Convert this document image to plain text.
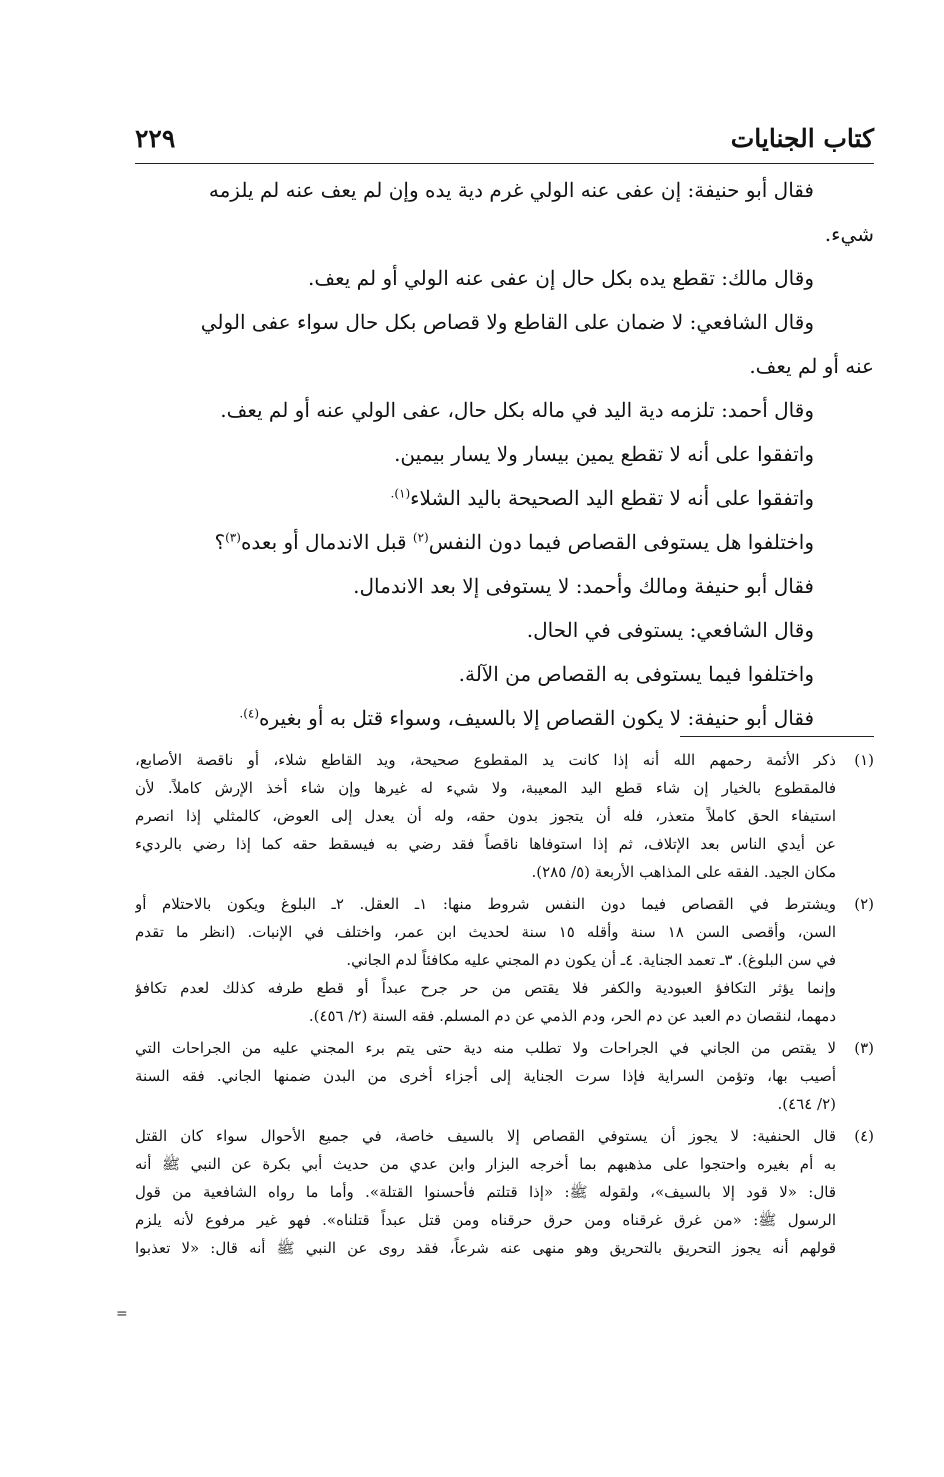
كتاب الجنايات
٢٢٩

فقال أبو حنيفة: إن عفى عنه الولي غرم دية يده وإن لم يعف عنه لم يلزمه

شيء.

وقال مالك: تقطع يده بكل حال إن عفى عنه الولي أو لم يعف.

وقال الشافعي: لا ضمان على القاطع ولا قصاص بكل حال سواء عفى الولي

عنه أو لم يعف.

وقال أحمد: تلزمه دية اليد في ماله بكل حال، عفى الولي عنه أو لم يعف.

واتفقوا على أنه لا تقطع يمين بيسار ولا يسار بيمين.

واتفقوا على أنه لا تقطع اليد الصحيحة باليد الشلاء$^{(١).}$

واختلفوا هل يستوفى القصاص فيما دون النفس$^{(٢)}$ قبل الاندمال أو بعده$^{(٣)}$؟

فقال أبو حنيفة ومالك وأحمد: لا يستوفى إلا بعد الاندمال.

وقال الشافعي: يستوفى في الحال.

واختلفوا فيما يستوفى به القصاص من الآلة.

فقال أبو حنيفة: لا يكون القصاص إلا بالسيف، وسواء قتل به أو بغيره$^{(٤).}$

(١)
ذكر الأئمة رحمهم الله أنه إذا كانت يد المقطوع صحيحة، ويد القاطع شلاء، أو ناقصة الأصابع،
فالمقطوع بالخيار إن شاء قطع اليد المعيبة، ولا شيء له غيرها وإن شاء أخذ الإرش كاملاً. لأن
استيفاء الحق كاملاً متعذر، فله أن يتجوز بدون حقه، وله أن يعدل إلى العوض، كالمثلي إذا انصرم
عن أيدي الناس بعد الإتلاف، ثم إذا استوفاها ناقصاً فقد رضي به فيسقط حقه كما إذا رضي بالرديء
مكان الجيد. الفقه على المذاهب الأربعة (٥/ ٢٨٥).
(٢)
ويشترط في القصاص فيما دون النفس شروط منها: ١ـ العقل. ٢ـ البلوغ ويكون بالاحتلام أو
السن، وأقصى السن ١٨ سنة وأقله ١٥ سنة لحديث ابن عمر، واختلف في الإنبات. (انظر ما تقدم
في سن البلوغ). ٣ـ تعمد الجناية. ٤ـ أن يكون دم المجني عليه مكافئاً لدم الجاني.
وإنما يؤثر التكافؤ العبودية والكفر فلا يقتص من حر جرح عبداً أو قطع طرفه كذلك لعدم تكافؤ
دمهما، لنقصان دم العبد عن دم الحر، ودم الذمي عن دم المسلم. فقه السنة (٢/ ٤٥٦).
(٣)
لا يقتص من الجاني في الجراحات ولا تطلب منه دية حتى يتم برء المجني عليه من الجراحات التي
أصيب بها، وتؤمن السراية فإذا سرت الجناية إلى أجزاء أخرى من البدن ضمنها الجاني. فقه السنة
(٢/ ٤٦٤).
(٤)
قال الحنفية: لا يجوز أن يستوفي القصاص إلا بالسيف خاصة، في جميع الأحوال سواء كان القتل
به أم بغيره واحتجوا على مذهبهم بما أخرجه البزار وابن عدي من حديث أبي بكرة عن النبي ﷺ أنه
قال: «لا قود إلا بالسيف»، ولقوله ﷺ: «إذا قتلتم فأحسنوا القتلة». وأما ما رواه الشافعية من قول
الرسول ﷺ: «من غرق غرقناه ومن حرق حرقناه ومن قتل عبداً قتلناه». فهو غير مرفوع لأنه يلزم
قولهم أنه يجوز التحريق بالتحريق وهو منهى عنه شرعاً، فقد روى عن النبي ﷺ أنه قال: «لا تعذبوا
=
